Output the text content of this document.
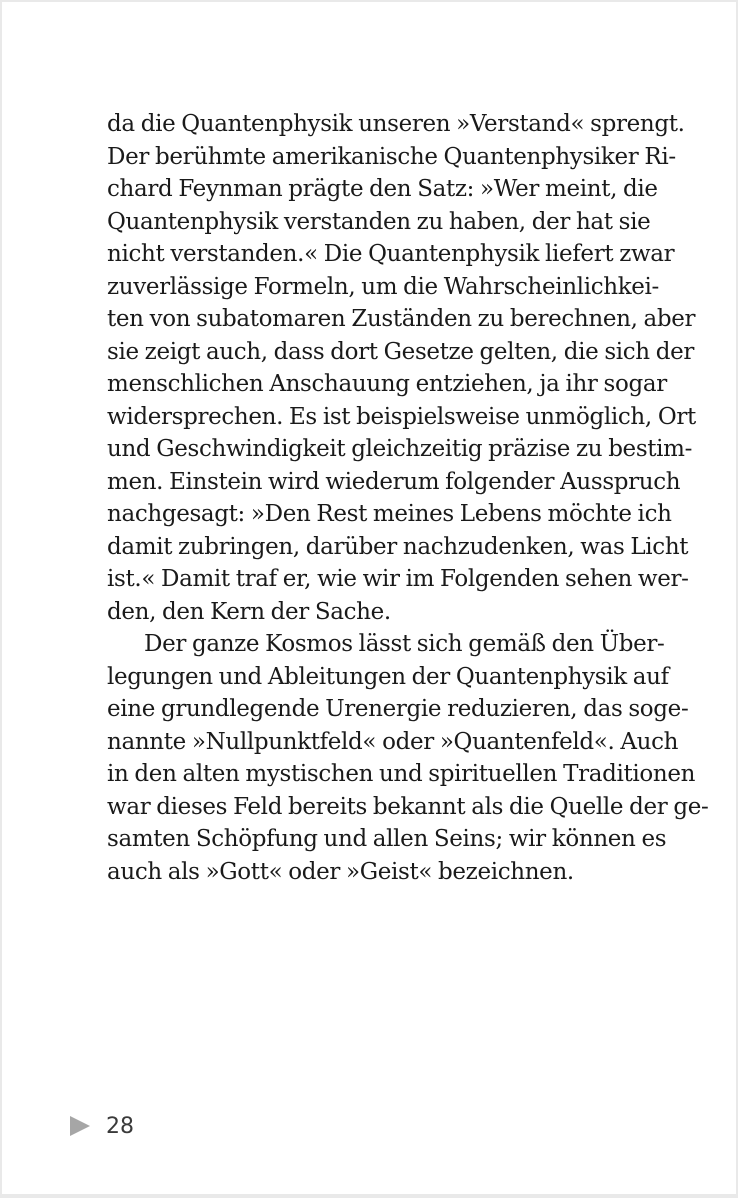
da die Quantenphysik unseren »Verstand« sprengt.
Der berühmte amerikanische Quantenphysiker Ri-
chard Feynman prägte den Satz: »Wer meint, die
Quantenphysik verstanden zu haben, der hat sie
nicht verstanden.« Die Quantenphysik liefert zwar
zuverlässige Formeln, um die Wahrscheinlichkei-
ten von subatomaren Zuständen zu berechnen, aber
sie zeigt auch, dass dort Gesetze gelten, die sich der
menschlichen Anschauung entziehen, ja ihr sogar
widersprechen. Es ist beispielsweise unmöglich, Ort
und Geschwindigkeit gleichzeitig präzise zu bestim-
men. Einstein wird wiederum folgender Ausspruch
nachgesagt: »Den Rest meines Lebens möchte ich
damit zubringen, darüber nachzudenken, was Licht
ist.« Damit traf er, wie wir im Folgenden sehen wer-
den, den Kern der Sache.
Der ganze Kosmos lässt sich gemäß den Über-
legungen und Ableitungen der Quantenphysik auf
eine grundlegende Urenergie reduzieren, das soge-
nannte »Nullpunktfeld« oder »Quantenfeld«. Auch
in den alten mystischen und spirituellen Traditionen
war dieses Feld bereits bekannt als die Quelle der ge-
samten Schöpfung und allen Seins; wir können es
auch als »Gott« oder »Geist« bezeichnen.
28
